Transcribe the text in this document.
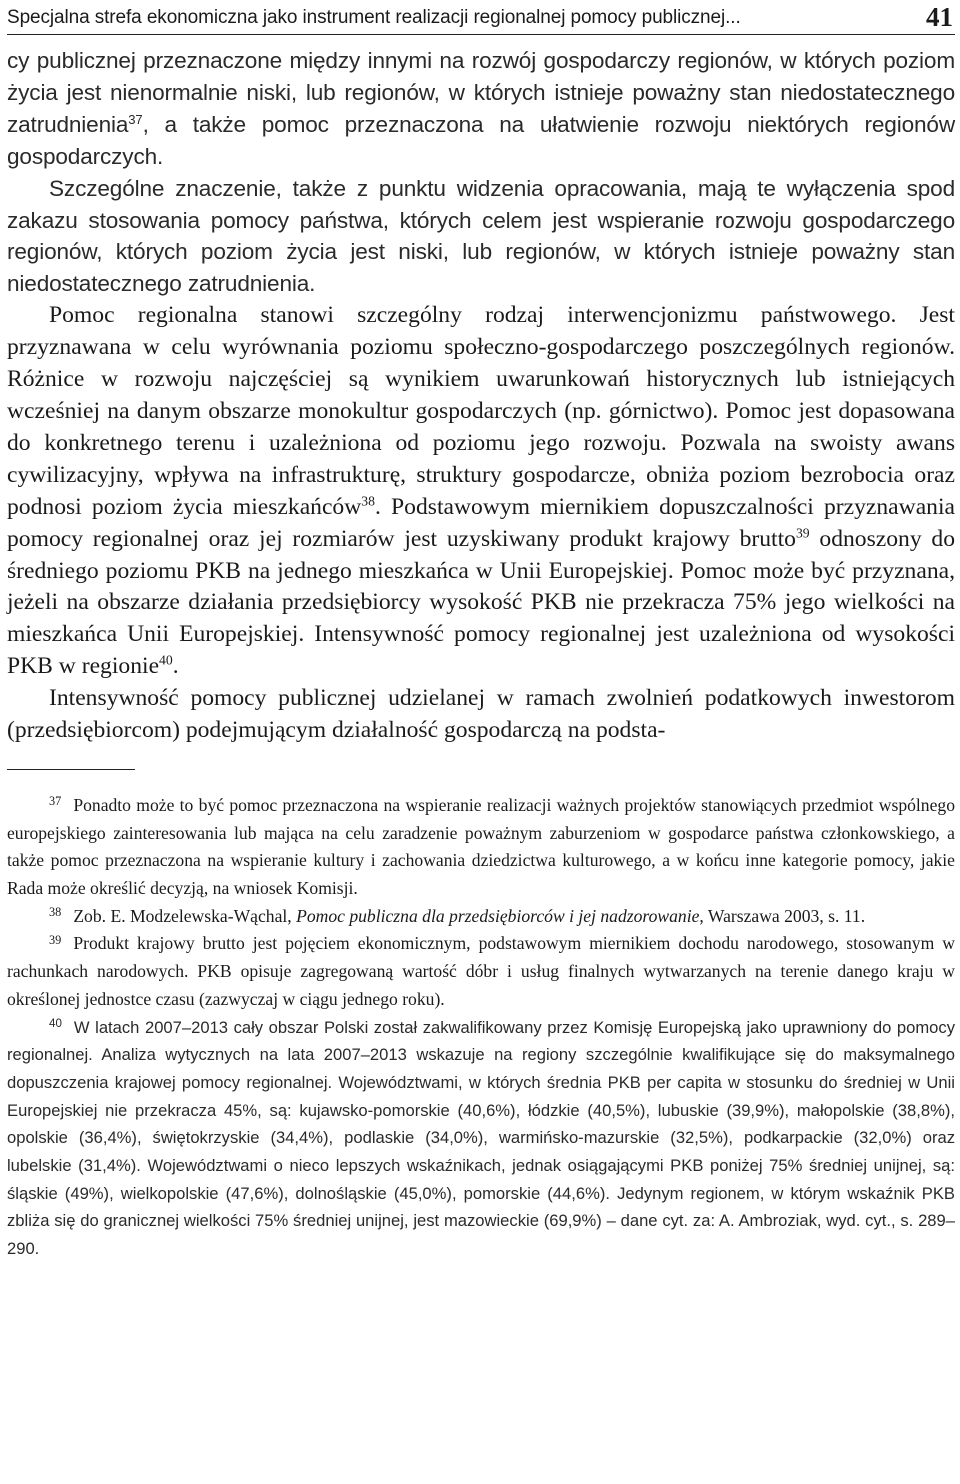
Specjalna strefa ekonomiczna jako instrument realizacji regionalnej pomocy publicznej...	41

cy publicznej przeznaczone między innymi na rozwój gospodarczy regionów, w których poziom życia jest nienormalnie niski, lub regionów, w których istnieje poważny stan niedostatecznego zatrudnienia$^{37}$, a także pomoc przeznaczona na ułatwienie rozwoju niektórych regionów gospodarczych.

Szczególne znaczenie, także z punktu widzenia opracowania, mają te wyłączenia spod zakazu stosowania pomocy państwa, których celem jest wspieranie rozwoju gospodarczego regionów, których poziom życia jest niski, lub regionów, w których istnieje poważny stan niedostatecznego zatrudnienia.

Pomoc regionalna stanowi szczególny rodzaj interwencjonizmu państwowego. Jest przyznawana w celu wyrównania poziomu społeczno-gospodarczego poszczególnych regionów. Różnice w rozwoju najczęściej są wynikiem uwarunkowań historycznych lub istniejących wcześniej na danym obszarze monokultur gospodarczych (np. górnictwo). Pomoc jest dopasowana do konkretnego terenu i uzależniona od poziomu jego rozwoju. Pozwala na swoisty awans cywilizacyjny, wpływa na infrastrukturę, struktury gospodarcze, obniża poziom bezrobocia oraz podnosi poziom życia mieszkańców$^{38}$. Podstawowym miernikiem dopuszczalności przyznawania pomocy regionalnej oraz jej rozmiarów jest uzyskiwany produkt krajowy brutto$^{39}$ odnoszony do średniego poziomu PKB na jednego mieszkańca w Unii Europejskiej. Pomoc może być przyznana, jeżeli na obszarze działania przedsiębiorcy wysokość PKB nie przekracza 75% jego wielkości na mieszkańca Unii Europejskiej. Intensywność pomocy regionalnej jest uzależniona od wysokości PKB w regionie$^{40}$.

Intensywność pomocy publicznej udzielanej w ramach zwolnień podatkowych inwestorom (przedsiębiorcom) podejmującym działalność gospodarczą na podsta-

$^{37}$ Ponadto może to być pomoc przeznaczona na wspieranie realizacji ważnych projektów stanowiących przedmiot wspólnego europejskiego zainteresowania lub mająca na celu zaradzenie poważnym zaburzeniom w gospodarce państwa członkowskiego, a także pomoc przeznaczona na wspieranie kultury i zachowania dziedzictwa kulturowego, a w końcu inne kategorie pomocy, jakie Rada może określić decyzją, na wniosek Komisji.

$^{38}$ Zob. E. Modzelewska-Wąchal, Pomoc publiczna dla przedsiębiorców i jej nadzorowanie, Warszawa 2003, s. 11.

$^{39}$ Produkt krajowy brutto jest pojęciem ekonomicznym, podstawowym miernikiem dochodu narodowego, stosowanym w rachunkach narodowych. PKB opisuje zagregowaną wartość dóbr i usług finalnych wytwarzanych na terenie danego kraju w określonej jednostce czasu (zazwyczaj w ciągu jednego roku).

$^{40}$ W latach 2007–2013 cały obszar Polski został zakwalifikowany przez Komisję Europejską jako uprawniony do pomocy regionalnej. Analiza wytycznych na lata 2007–2013 wskazuje na regiony szczególnie kwalifikujące się do maksymalnego dopuszczenia krajowej pomocy regionalnej. Województwami, w których średnia PKB per capita w stosunku do średniej w Unii Europejskiej nie przekracza 45%, są: kujawsko-pomorskie (40,6%), łódzkie (40,5%), lubuskie (39,9%), małopolskie (38,8%), opolskie (36,4%), świętokrzyskie (34,4%), podlaskie (34,0%), warmińsko-mazurskie (32,5%), podkarpackie (32,0%) oraz lubelskie (31,4%). Województwami o nieco lepszych wskaźnikach, jednak osiągającymi PKB poniżej 75% średniej unijnej, są: śląskie (49%), wielkopolskie (47,6%), dolnośląskie (45,0%), pomorskie (44,6%). Jedynym regionem, w którym wskaźnik PKB zbliża się do granicznej wielkości 75% średniej unijnej, jest mazowieckie (69,9%) – dane cyt. za: A. Ambroziak, wyd. cyt., s. 289–290.
